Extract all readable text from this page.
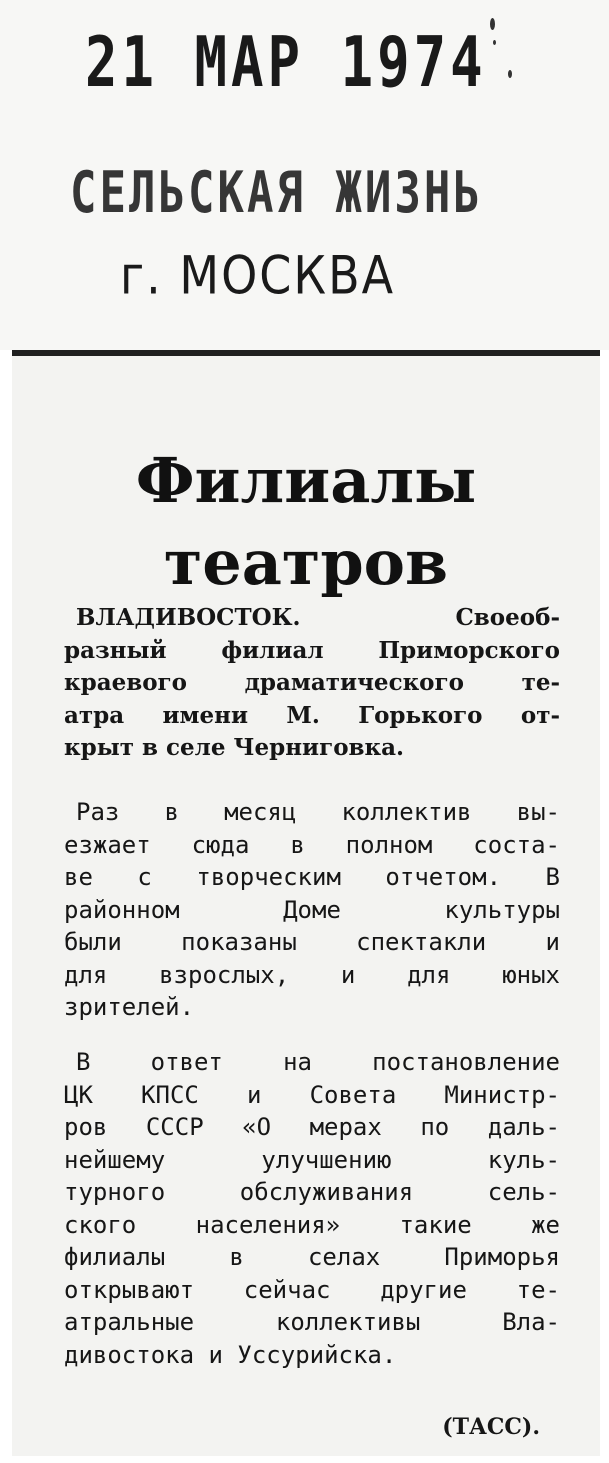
21 МАР 1974
СЕЛЬСКАЯ ЖИЗНЬ
г. МОСКВА
Филиалы
театров

ВЛАДИВОСТОК. Своеоб-
разный филиал Приморского
краевого драматического те-
атра имени М. Горького от-
крыт в селе Черниговка.

Раз в месяц коллектив вы-
езжает сюда в полном соста-
ве с творческим отчетом. В
районном Доме культуры
были показаны спектакли и
для взрослых, и для юных
зрителей.

В ответ на постановление
ЦК КПСС и Совета Министр-
ров СССР «О мерах по даль-
нейшему улучшению куль-
турного обслуживания сель-
ского населения» такие же
филиалы в селах Приморья
открывают сейчас другие те-
атральные коллективы Вла-
дивостока и Уссурийска.

(ТАСС).
